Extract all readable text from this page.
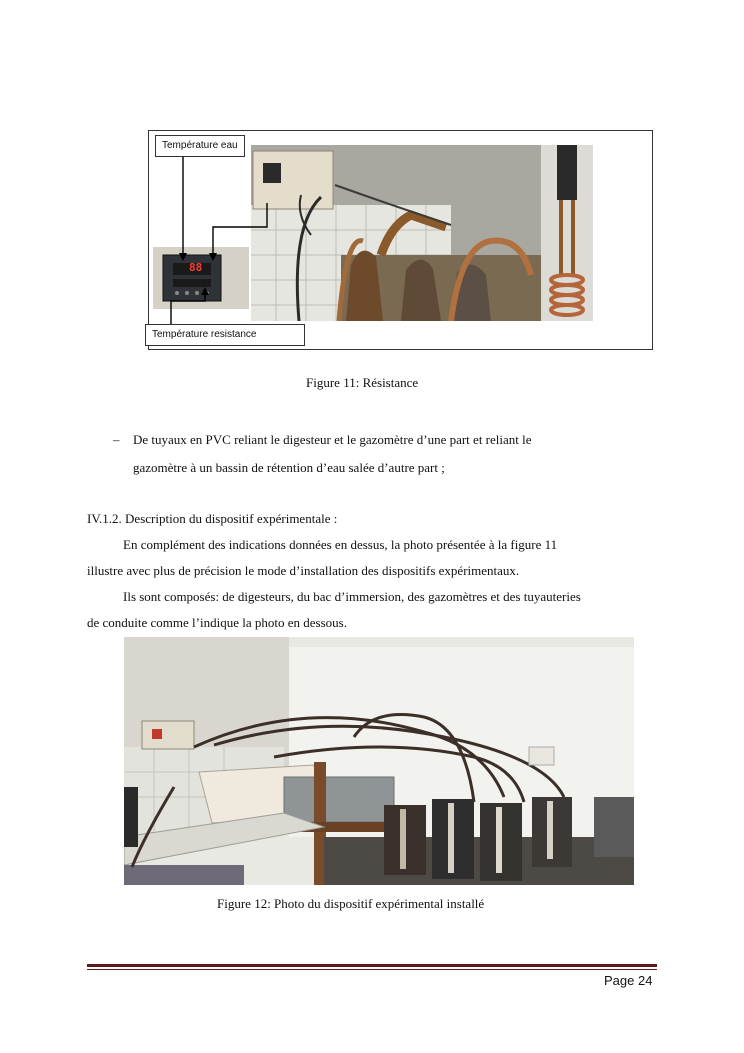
88
Température eau
Température resistance
Figure 11: Résistance
– De tuyaux en PVC reliant le digesteur et le gazomètre d’une part et reliant le
gazomètre à un bassin de rétention d’eau salée d’autre part ;
IV.1.2. Description du dispositif expérimentale :
En complément des indications données en dessus, la photo présentée à la figure 11
illustre avec plus de précision le mode d’installation des dispositifs expérimentaux.
Ils sont composés: de digesteurs, du bac d’immersion, des gazomètres et des tuyauteries
de conduite comme l’indique la photo en dessous.
Figure 12: Photo du dispositif expérimental installé
Page 24
